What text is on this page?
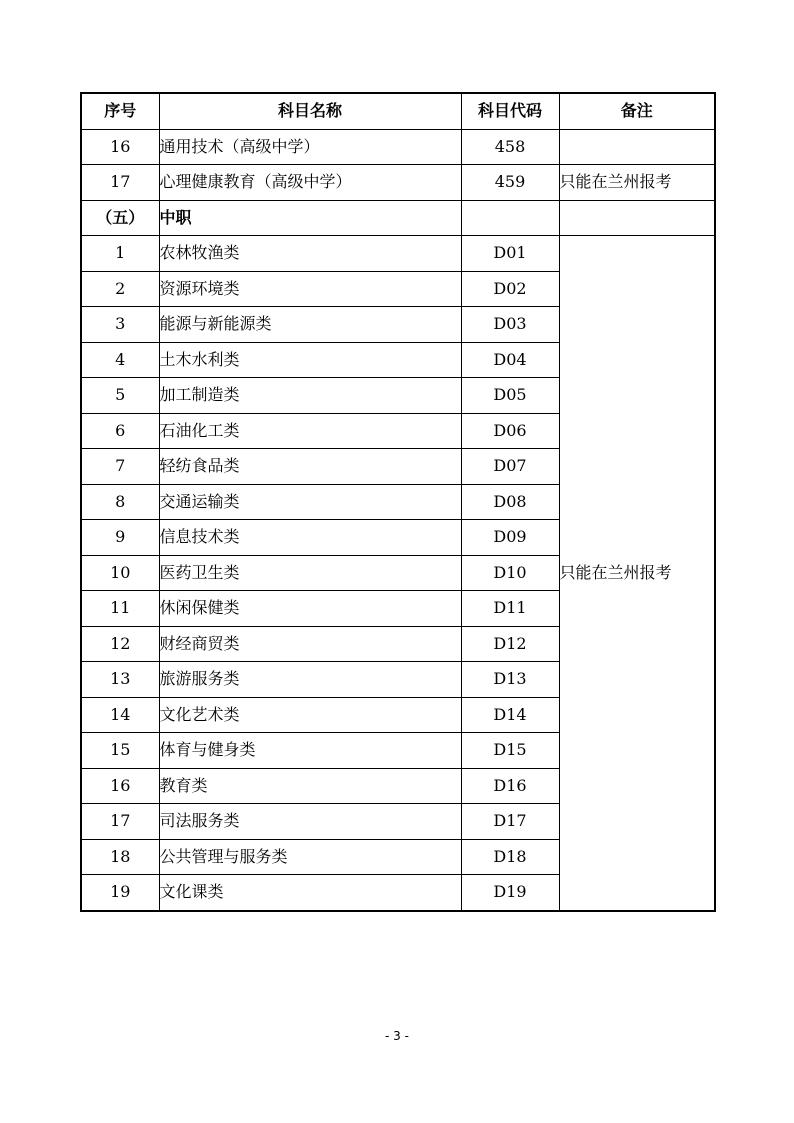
序号	科目名称	科目代码	备注
16	通用技术（高级中学）	458	
17	心理健康教育（高级中学）	459	只能在兰州报考
（五）	中职		
1	农林牧渔类	D01	只能在兰州报考
2	资源环境类	D02	
3	能源与新能源类	D03	
4	土木水利类	D04	
5	加工制造类	D05	
6	石油化工类	D06	
7	轻纺食品类	D07	
8	交通运输类	D08	
9	信息技术类	D09	
10	医药卫生类	D10	
11	休闲保健类	D11	
12	财经商贸类	D12	
13	旅游服务类	D13	
14	文化艺术类	D14	
15	体育与健身类	D15	
16	教育类	D16	
17	司法服务类	D17	
18	公共管理与服务类	D18	
19	文化课类	D19	
- 3 -
